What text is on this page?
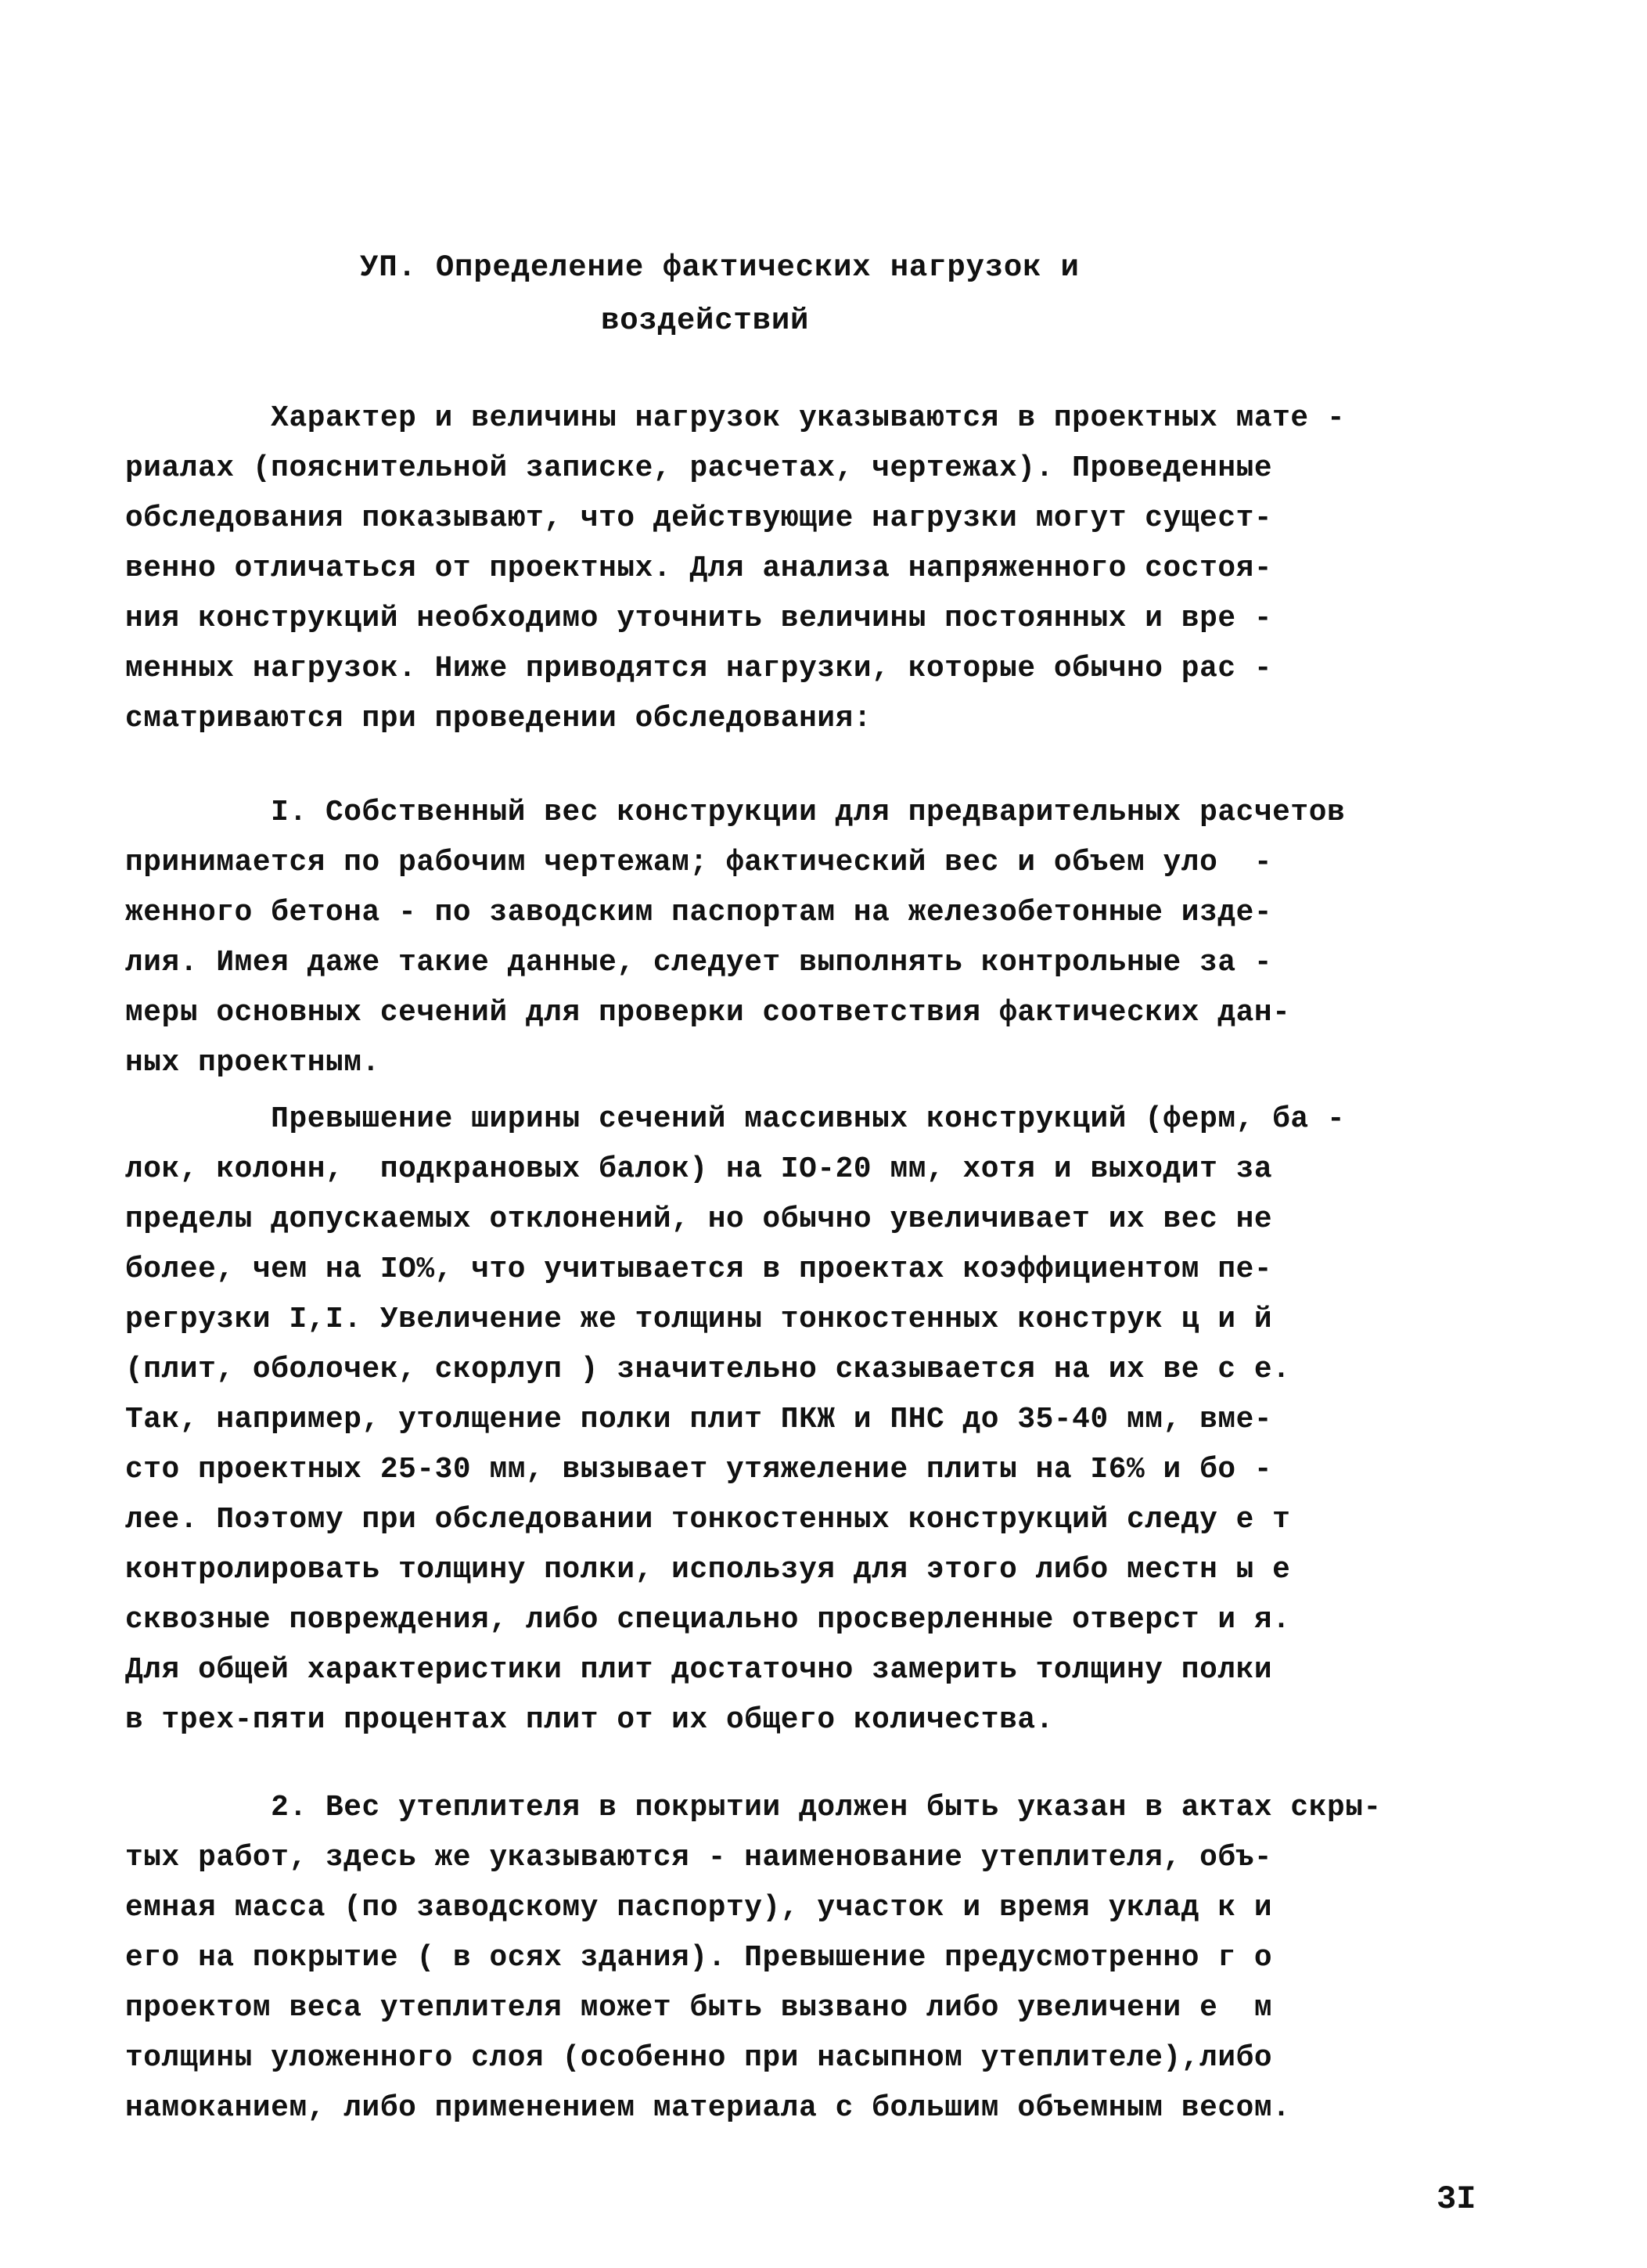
УП. Определение фактических нагрузок и
воздействий
Характер и величины нагрузок указываются в проектных мате -
риалах (пояснительной записке, расчетах, чертежах). Проведенные
обследования показывают, что действующие нагрузки могут сущест-
венно отличаться от проектных. Для анализа напряженного состоя-
ния конструкций необходимо уточнить величины постоянных и вре -
менных нагрузок. Ниже приводятся нагрузки, которые обычно рас -
сматриваются при проведении обследования:
I. Собственный вес конструкции для предварительных расчетов
принимается по рабочим чертежам; фактический вес и объем уло  -
женного бетона - по заводским паспортам на железобетонные изде-
лия. Имея даже такие данные, следует выполнять контрольные за -
меры основных сечений для проверки соответствия фактических дан-
ных проектным.
Превышение ширины сечений массивных конструкций (ферм, ба -
лок, колонн,  подкрановых балок) на IO-20 мм, хотя и выходит за
пределы допускаемых отклонений, но обычно увеличивает их вес не
более, чем на IO%, что учитывается в проектах коэффициентом пе-
регрузки I,I. Увеличение же толщины тонкостенных конструк ц и й
(плит, оболочек, скорлуп ) значительно сказывается на их ве с е.
Так, например, утолщение полки плит ПКЖ и ПНС до 35-40 мм, вме-
сто проектных 25-30 мм, вызывает утяжеление плиты на I6% и бо -
лее. Поэтому при обследовании тонкостенных конструкций следу е т
контролировать толщину полки, используя для этого либо местн ы е
сквозные повреждения, либо специально просверленные отверст и я.
Для общей характеристики плит достаточно замерить толщину полки
в трех-пяти процентах плит от их общего количества.
2. Вес утеплителя в покрытии должен быть указан в актах скры-
тых работ, здесь же указываются - наименование утеплителя, объ-
емная масса (по заводскому паспорту), участок и время уклад к и
его на покрытие ( в осях здания). Превышение предусмотренно г о
проектом веса утеплителя может быть вызвано либо увеличени е  м
толщины уложенного слоя (особенно при насыпном утеплителе),либо
намоканием, либо применением материала с большим объемным весом.
3I
